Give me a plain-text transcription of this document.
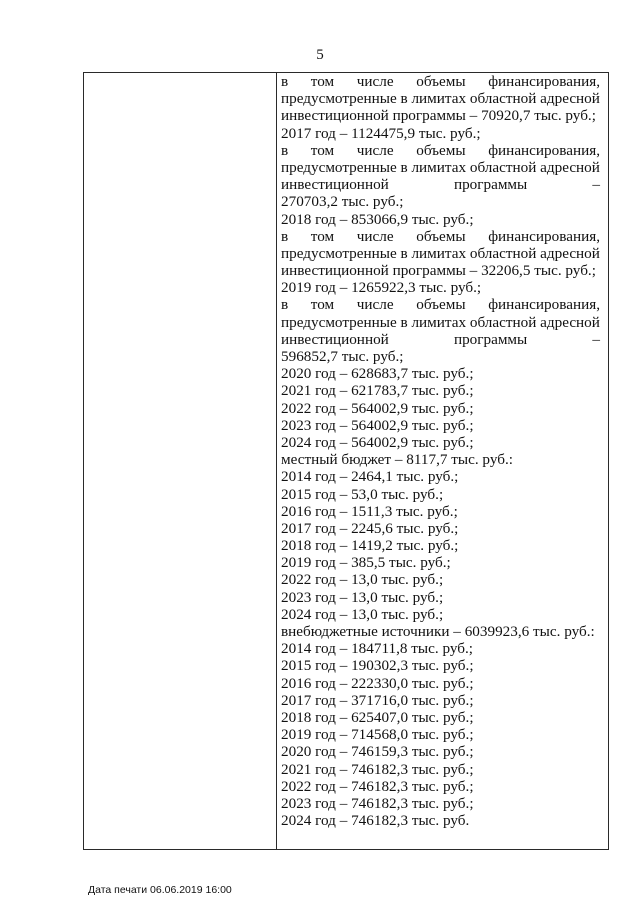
5
в том числе объемы финансирования,
предусмотренные в лимитах областной адресной
инвестиционной программы – 70920,7 тыс. руб.;
2017 год – 1124475,9 тыс. руб.;
в том числе объемы финансирования,
предусмотренные в лимитах областной адресной
инвестиционной программы –
270703,2 тыс. руб.;
2018 год – 853066,9 тыс. руб.;
в том числе объемы финансирования,
предусмотренные в лимитах областной адресной
инвестиционной программы – 32206,5 тыс. руб.;
2019 год – 1265922,3 тыс. руб.;
в том числе объемы финансирования,
предусмотренные в лимитах областной адресной
инвестиционной программы –
596852,7 тыс. руб.;
2020 год – 628683,7 тыс. руб.;
2021 год – 621783,7 тыс. руб.;
2022 год – 564002,9 тыс. руб.;
2023 год – 564002,9 тыс. руб.;
2024 год – 564002,9 тыс. руб.;
местный бюджет – 8117,7 тыс. руб.:
2014 год – 2464,1 тыс. руб.;
2015 год – 53,0 тыс. руб.;
2016 год – 1511,3 тыс. руб.;
2017 год – 2245,6 тыс. руб.;
2018 год – 1419,2 тыс. руб.;
2019 год – 385,5 тыс. руб.;
2022 год – 13,0 тыс. руб.;
2023 год – 13,0 тыс. руб.;
2024 год – 13,0 тыс. руб.;
внебюджетные источники – 6039923,6 тыс. руб.:
2014 год – 184711,8 тыс. руб.;
2015 год – 190302,3 тыс. руб.;
2016 год – 222330,0 тыс. руб.;
2017 год – 371716,0 тыс. руб.;
2018 год – 625407,0 тыс. руб.;
2019 год – 714568,0 тыс. руб.;
2020 год – 746159,3 тыс. руб.;
2021 год – 746182,3 тыс. руб.;
2022 год – 746182,3 тыс. руб.;
2023 год – 746182,3 тыс. руб.;
2024 год – 746182,3 тыс. руб.
Дата печати 06.06.2019 16:00
